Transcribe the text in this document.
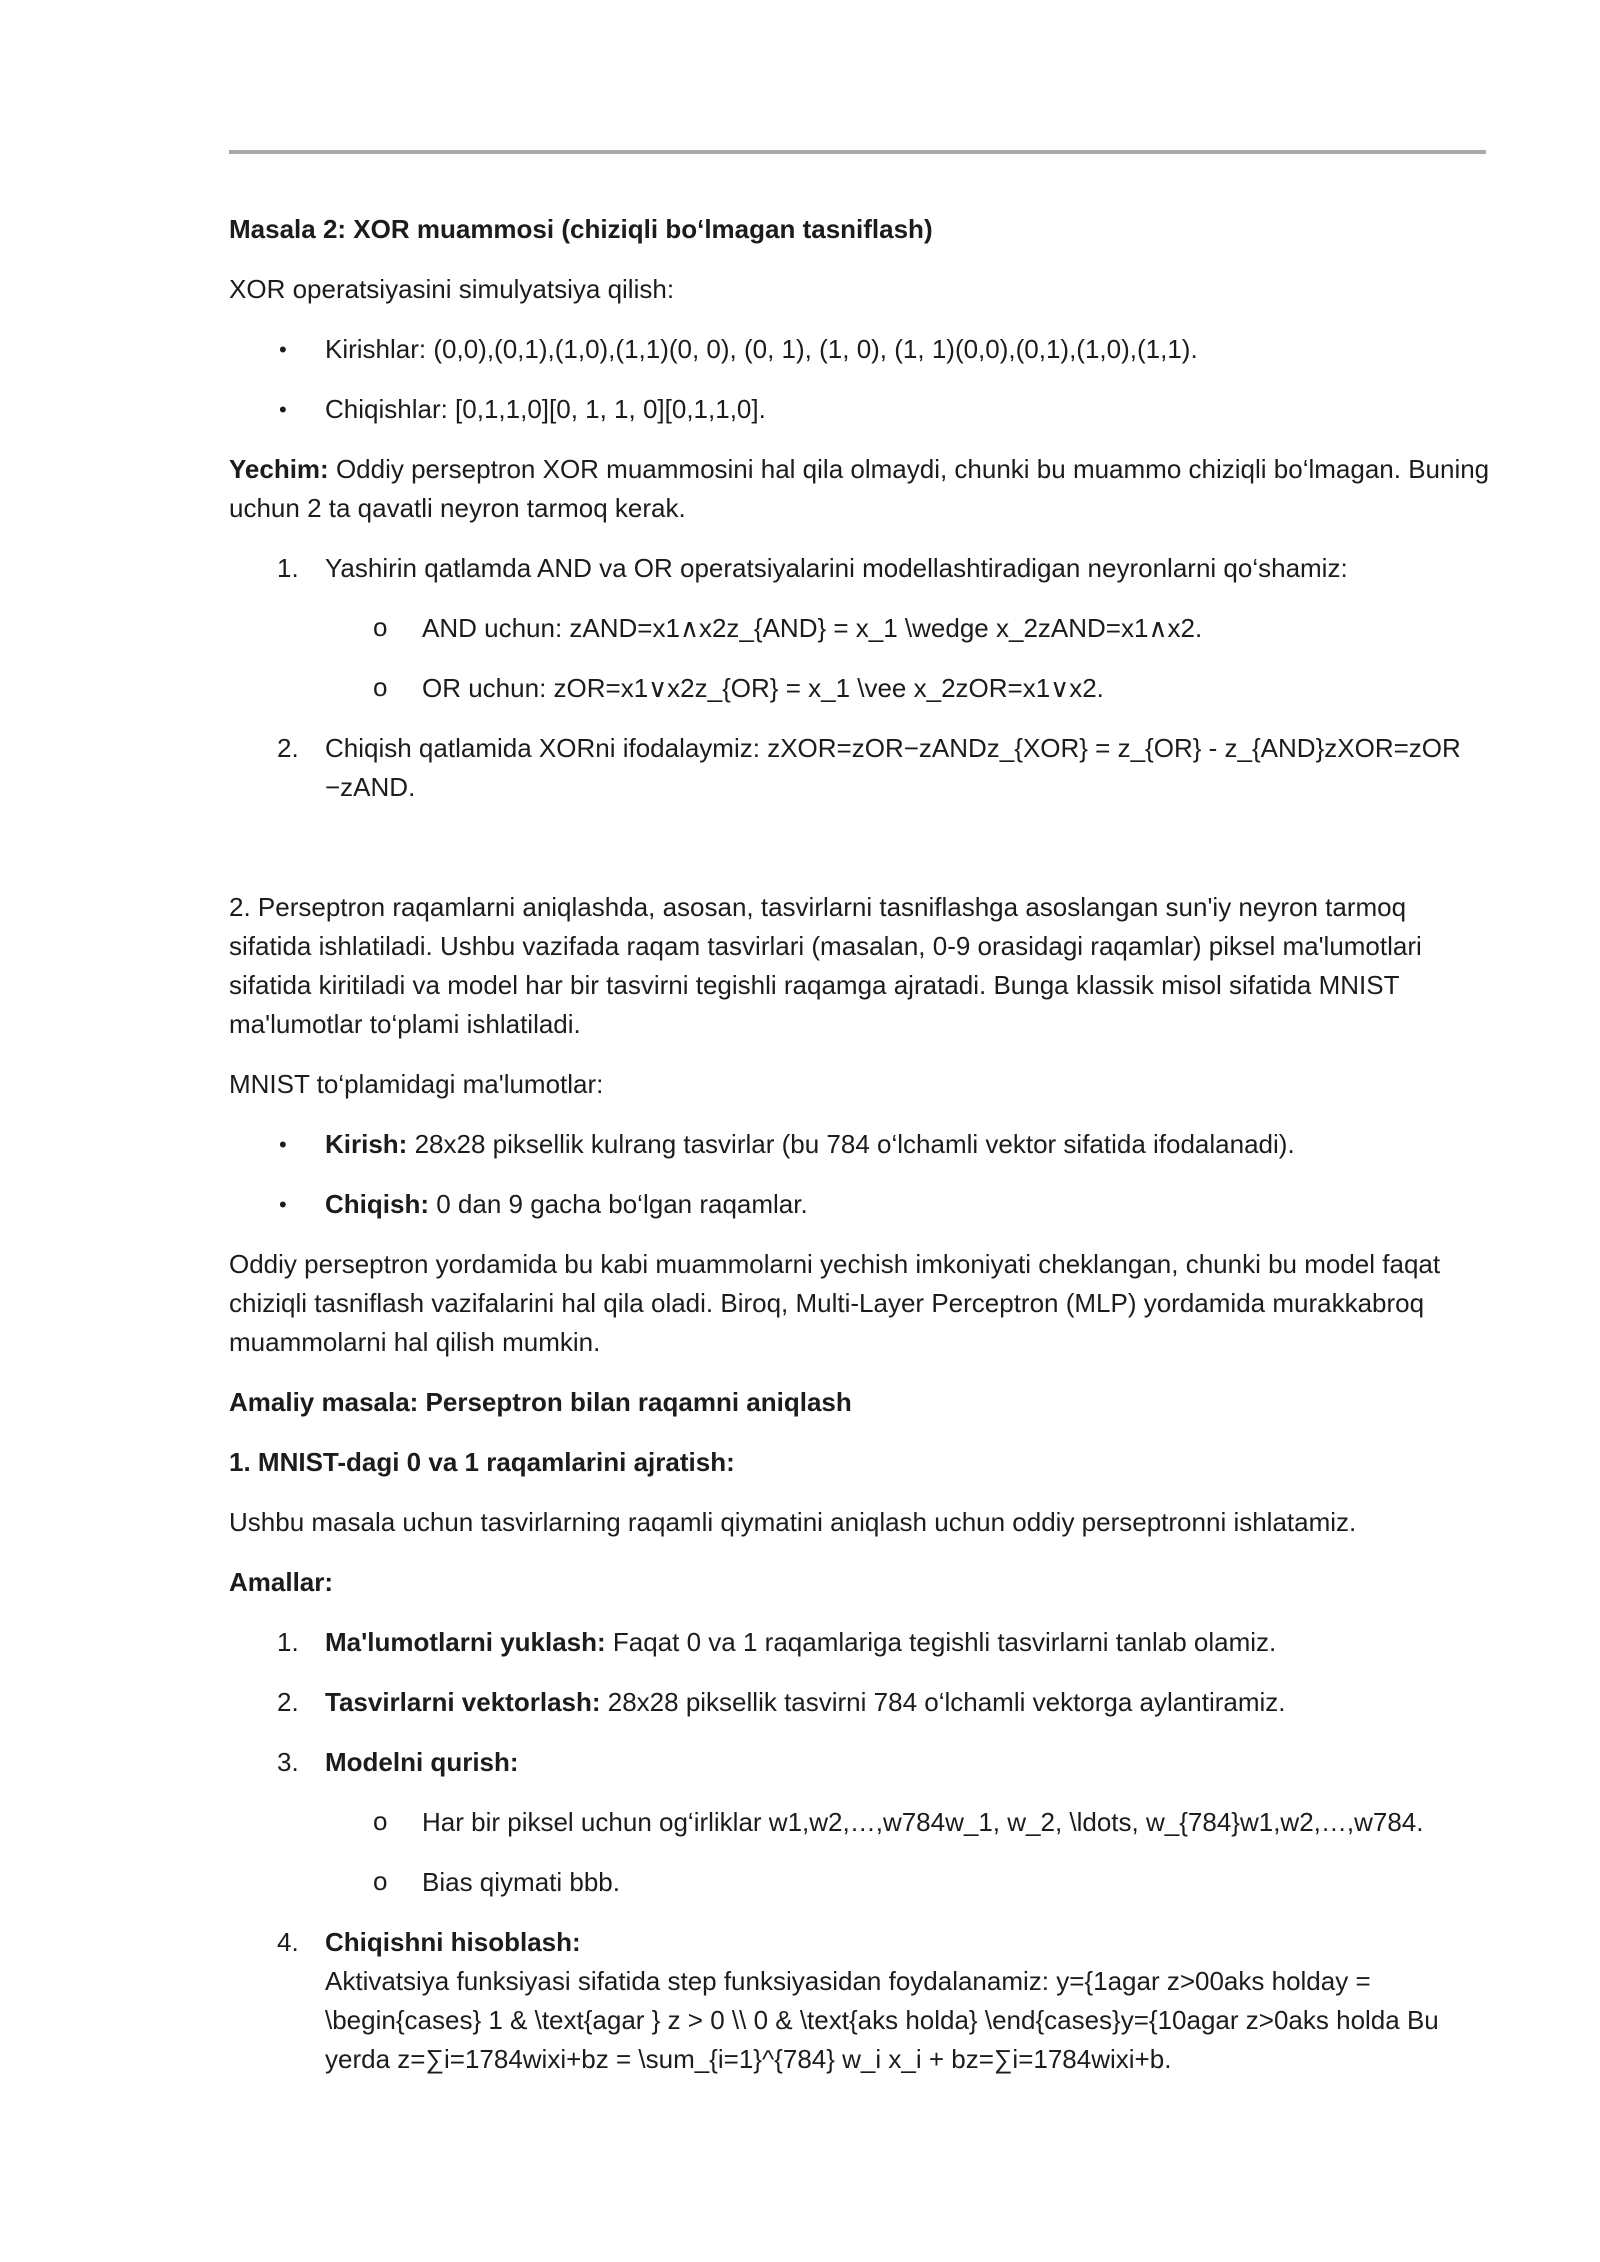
Masala 2: XOR muammosi (chiziqli bo‘lmagan tasniflash)

XOR operatsiyasini simulyatsiya qilish:

• Kirishlar: (0,0),(0,1),(1,0),(1,1)(0, 0), (0, 1), (1, 0), (1, 1)(0,0),(0,1),(1,0),(1,1).
• Chiqishlar: [0,1,1,0][0, 1, 1, 0][0,1,1,0].

Yechim: Oddiy perseptron XOR muammosini hal qila olmaydi, chunki bu muammo chiziqli bo‘lmagan. Buning uchun 2 ta qavatli neyron tarmoq kerak.

1. Yashirin qatlamda AND va OR operatsiyalarini modellashtiradigan neyronlarni qo‘shamiz:
o AND uchun: zAND=x1∧x2z_{AND} = x_1 \wedge x_2zAND=x1∧x2.
o OR uchun: zOR=x1∨x2z_{OR} = x_1 \vee x_2zOR=x1∨x2.
2. Chiqish qatlamida XORni ifodalaymiz: zXOR=zOR−zANDz_{XOR} = z_{OR} - z_{AND}zXOR=zOR −zAND.

2. Perseptron raqamlarni aniqlashda, asosan, tasvirlarni tasniflashga asoslangan sun'iy neyron tarmoq sifatida ishlatiladi. Ushbu vazifada raqam tasvirlari (masalan, 0-9 orasidagi raqamlar) piksel ma'lumotlari sifatida kiritiladi va model har bir tasvirni tegishli raqamga ajratadi. Bunga klassik misol sifatida MNIST ma'lumotlar to‘plami ishlatiladi.

MNIST to‘plamidagi ma'lumotlar:

• Kirish: 28x28 piksellik kulrang tasvirlar (bu 784 o‘lchamli vektor sifatida ifodalanadi).
• Chiqish: 0 dan 9 gacha bo‘lgan raqamlar.

Oddiy perseptron yordamida bu kabi muammolarni yechish imkoniyati cheklangan, chunki bu model faqat chiziqli tasniflash vazifalarini hal qila oladi. Biroq, Multi-Layer Perceptron (MLP) yordamida murakkabroq muammolarni hal qilish mumkin.

Amaliy masala: Perseptron bilan raqamni aniqlash

1. MNIST-dagi 0 va 1 raqamlarini ajratish:

Ushbu masala uchun tasvirlarning raqamli qiymatini aniqlash uchun oddiy perseptronni ishlatamiz.

Amallar:

1. Ma'lumotlarni yuklash: Faqat 0 va 1 raqamlariga tegishli tasvirlarni tanlab olamiz.
2. Tasvirlarni vektorlash: 28x28 piksellik tasvirni 784 o‘lchamli vektorga aylantiramiz.
3. Modelni qurish:
o Har bir piksel uchun og‘irliklar w1,w2,…,w784w_1, w_2, \ldots, w_{784}w1,w2,…,w784.
o Bias qiymati bbb.
4. Chiqishni hisoblash:
Aktivatsiya funksiyasi sifatida step funksiyasidan foydalanamiz: y={1agar z>00aks holday = \begin{cases} 1 & \text{agar } z > 0 \\ 0 & \text{aks holda} \end{cases}y={10agar z>0aks holda Bu yerda z=∑i=1784wixi+bz = \sum_{i=1}^{784} w_i x_i + bz=∑i=1784wixi+b.
